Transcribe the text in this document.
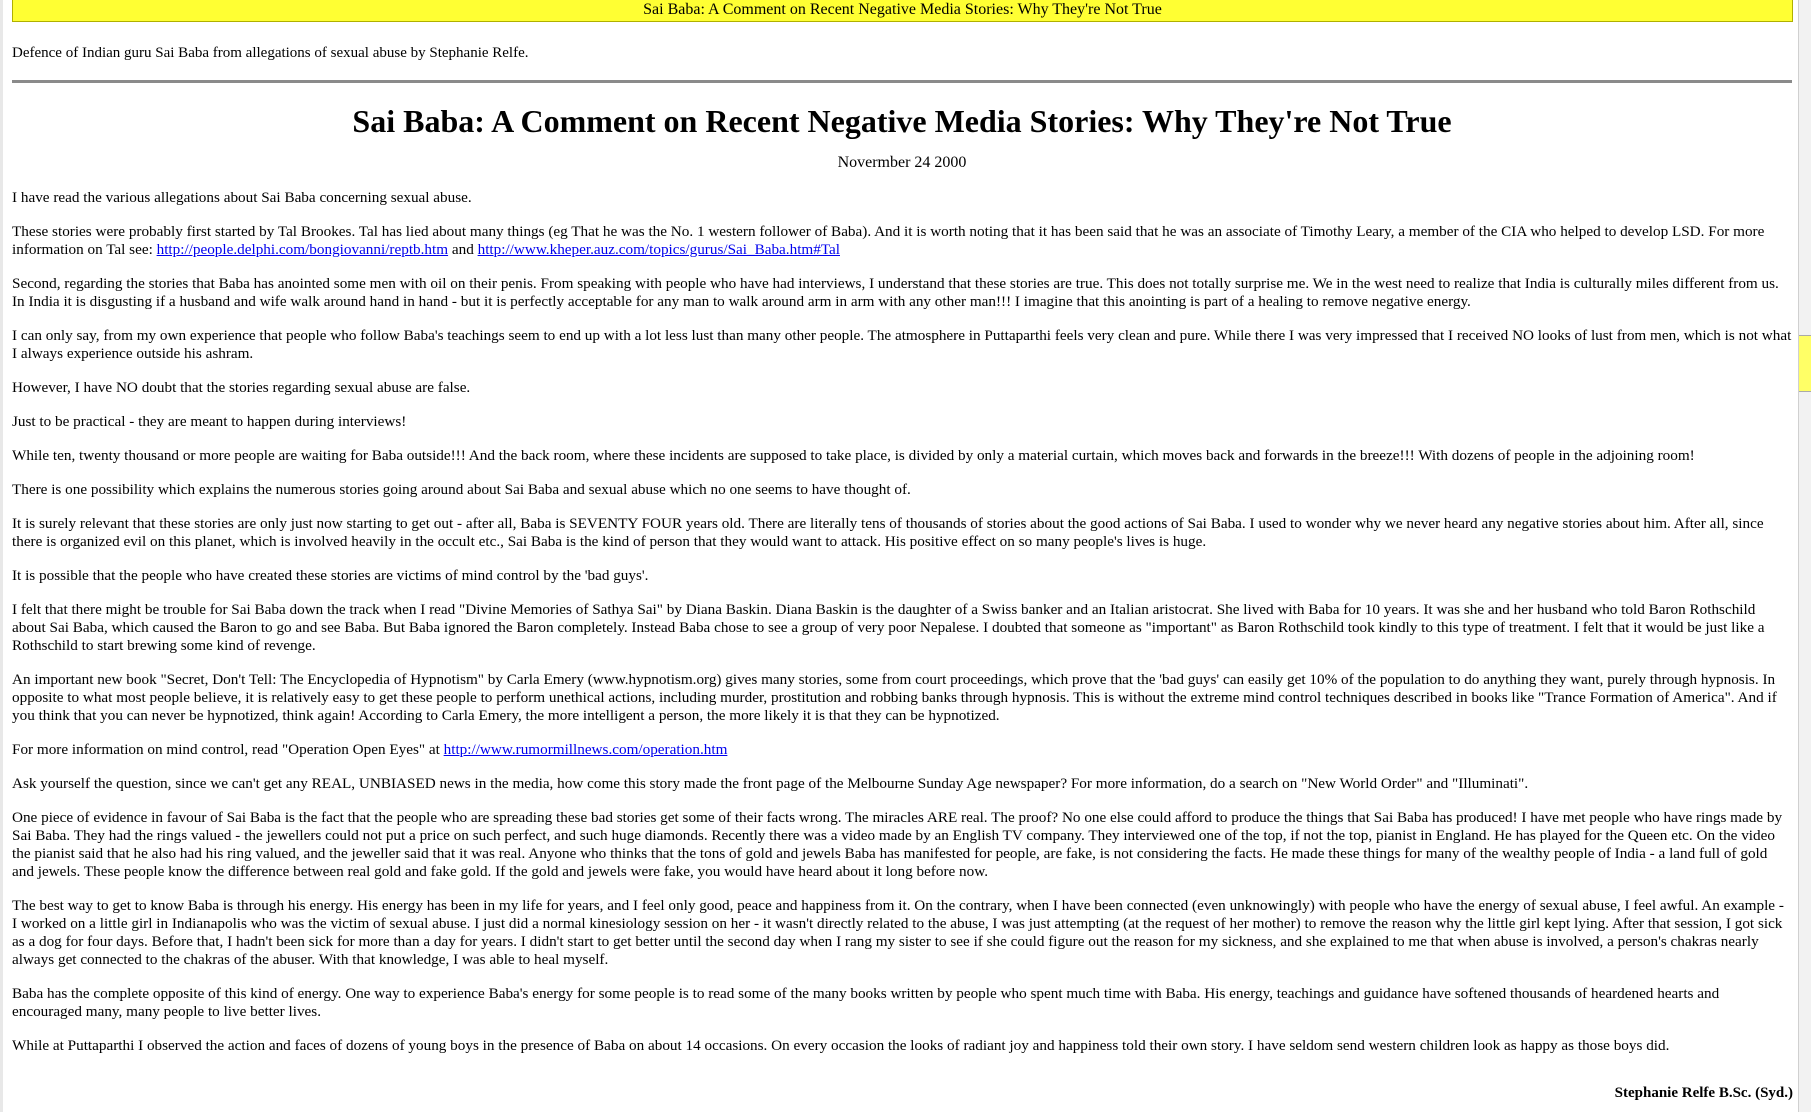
Sai Baba: A Comment on Recent Negative Media Stories: Why They're Not True

Defence of Indian guru Sai Baba from allegations of sexual abuse by Stephanie Relfe.

Sai Baba: A Comment on Recent Negative Media Stories: Why They're Not True

Novermber 24 2000

I have read the various allegations about Sai Baba concerning sexual abuse.

These stories were probably first started by Tal Brookes. Tal has lied about many things (eg That he was the No. 1 western follower of Baba). And it is worth noting that it has been said that he was an associate of Timothy Leary, a member of the CIA who helped to develop LSD. For more information on Tal see: http://people.delphi.com/bongiovanni/reptb.htm and http://www.kheper.auz.com/topics/gurus/Sai_Baba.htm#Tal

Second, regarding the stories that Baba has anointed some men with oil on their penis. From speaking with people who have had interviews, I understand that these stories are true. This does not totally surprise me. We in the west need to realize that India is culturally miles different from us. In India it is disgusting if a husband and wife walk around hand in hand - but it is perfectly acceptable for any man to walk around arm in arm with any other man!!! I imagine that this anointing is part of a healing to remove negative energy.

I can only say, from my own experience that people who follow Baba's teachings seem to end up with a lot less lust than many other people. The atmosphere in Puttaparthi feels very clean and pure. While there I was very impressed that I received NO looks of lust from men, which is not what I always experience outside his ashram.

However, I have NO doubt that the stories regarding sexual abuse are false.

Just to be practical - they are meant to happen during interviews!

While ten, twenty thousand or more people are waiting for Baba outside!!! And the back room, where these incidents are supposed to take place, is divided by only a material curtain, which moves back and forwards in the breeze!!! With dozens of people in the adjoining room!

There is one possibility which explains the numerous stories going around about Sai Baba and sexual abuse which no one seems to have thought of.

It is surely relevant that these stories are only just now starting to get out - after all, Baba is SEVENTY FOUR years old. There are literally tens of thousands of stories about the good actions of Sai Baba. I used to wonder why we never heard any negative stories about him. After all, since there is organized evil on this planet, which is involved heavily in the occult etc., Sai Baba is the kind of person that they would want to attack. His positive effect on so many people's lives is huge.

It is possible that the people who have created these stories are victims of mind control by the 'bad guys'.

I felt that there might be trouble for Sai Baba down the track when I read "Divine Memories of Sathya Sai" by Diana Baskin. Diana Baskin is the daughter of a Swiss banker and an Italian aristocrat. She lived with Baba for 10 years. It was she and her husband who told Baron Rothschild about Sai Baba, which caused the Baron to go and see Baba. But Baba ignored the Baron completely. Instead Baba chose to see a group of very poor Nepalese. I doubted that someone as "important" as Baron Rothschild took kindly to this type of treatment. I felt that it would be just like a Rothschild to start brewing some kind of revenge.

An important new book "Secret, Don't Tell: The Encyclopedia of Hypnotism" by Carla Emery (www.hypnotism.org) gives many stories, some from court proceedings, which prove that the 'bad guys' can easily get 10% of the population to do anything they want, purely through hypnosis. In opposite to what most people believe, it is relatively easy to get these people to perform unethical actions, including murder, prostitution and robbing banks through hypnosis. This is without the extreme mind control techniques described in books like "Trance Formation of America". And if you think that you can never be hypnotized, think again! According to Carla Emery, the more intelligent a person, the more likely it is that they can be hypnotized.

For more information on mind control, read "Operation Open Eyes" at http://www.rumormillnews.com/operation.htm

Ask yourself the question, since we can't get any REAL, UNBIASED news in the media, how come this story made the front page of the Melbourne Sunday Age newspaper? For more information, do a search on "New World Order" and "Illuminati".

One piece of evidence in favour of Sai Baba is the fact that the people who are spreading these bad stories get some of their facts wrong. The miracles ARE real. The proof? No one else could afford to produce the things that Sai Baba has produced! I have met people who have rings made by Sai Baba. They had the rings valued - the jewellers could not put a price on such perfect, and such huge diamonds. Recently there was a video made by an English TV company. They interviewed one of the top, if not the top, pianist in England. He has played for the Queen etc. On the video the pianist said that he also had his ring valued, and the jeweller said that it was real. Anyone who thinks that the tons of gold and jewels Baba has manifested for people, are fake, is not considering the facts. He made these things for many of the wealthy people of India - a land full of gold and jewels. These people know the difference between real gold and fake gold. If the gold and jewels were fake, you would have heard about it long before now.

The best way to get to know Baba is through his energy. His energy has been in my life for years, and I feel only good, peace and happiness from it. On the contrary, when I have been connected (even unknowingly) with people who have the energy of sexual abuse, I feel awful. An example - I worked on a little girl in Indianapolis who was the victim of sexual abuse. I just did a normal kinesiology session on her - it wasn't directly related to the abuse, I was just attempting (at the request of her mother) to remove the reason why the little girl kept lying. After that session, I got sick as a dog for four days. Before that, I hadn't been sick for more than a day for years. I didn't start to get better until the second day when I rang my sister to see if she could figure out the reason for my sickness, and she explained to me that when abuse is involved, a person's chakras nearly always get connected to the chakras of the abuser. With that knowledge, I was able to heal myself.

Baba has the complete opposite of this kind of energy. One way to experience Baba's energy for some people is to read some of the many books written by people who spent much time with Baba. His energy, teachings and guidance have softened thousands of heardened hearts and encouraged many, many people to live better lives.

While at Puttaparthi I observed the action and faces of dozens of young boys in the presence of Baba on about 14 occasions. On every occasion the looks of radiant joy and happiness told their own story. I have seldom send western children look as happy as those boys did.

Stephanie Relfe B.Sc. (Syd.)
